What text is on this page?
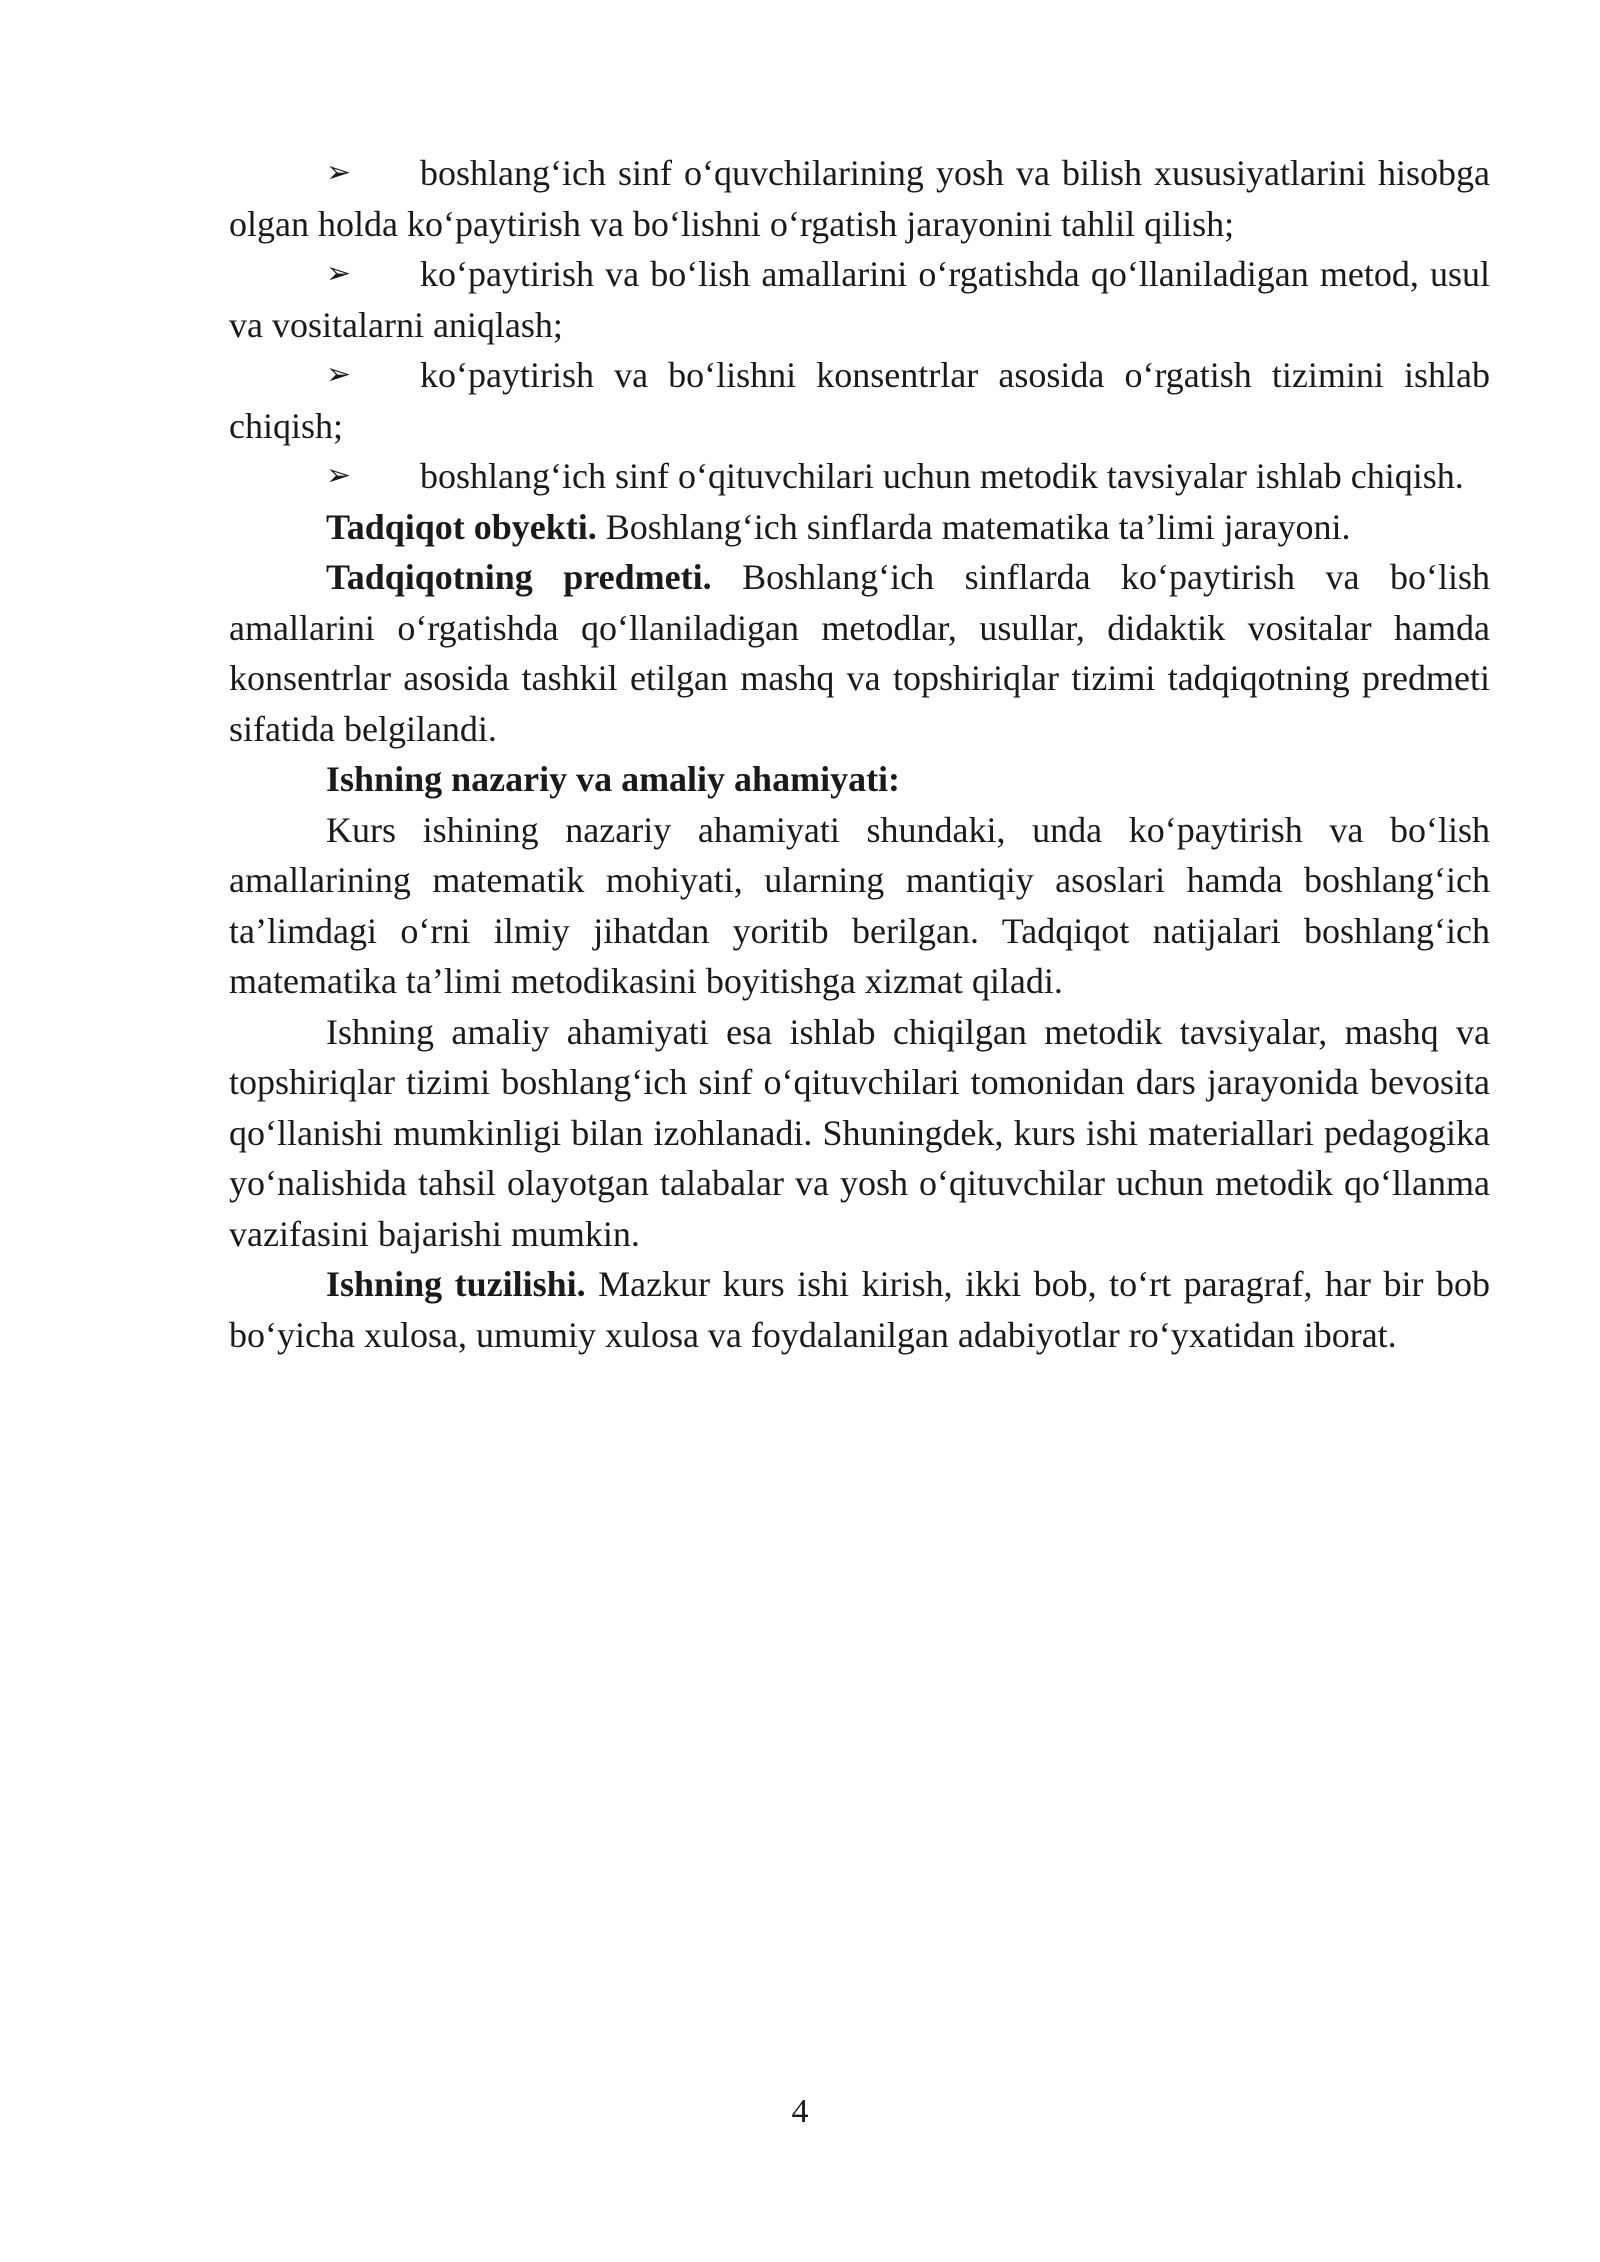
➢ boshlang‘ich sinf o‘quvchilarining yosh va bilish xususiyatlarini hisobga olgan holda ko‘paytirish va bo‘lishni o‘rgatish jarayonini tahlil qilish;

➢ ko‘paytirish va bo‘lish amallarini o‘rgatishda qo‘llaniladigan metod, usul va vositalarni aniqlash;

➢ ko‘paytirish va bo‘lishni konsentrlar asosida o‘rgatish tizimini ishlab chiqish;

➢ boshlang‘ich sinf o‘qituvchilari uchun metodik tavsiyalar ishlab chiqish.

Tadqiqot obyekti. Boshlang‘ich sinflarda matematika ta’limi jarayoni.

Tadqiqotning predmeti. Boshlang‘ich sinflarda ko‘paytirish va bo‘lish amallarini o‘rgatishda qo‘llaniladigan metodlar, usullar, didaktik vositalar hamda konsentrlar asosida tashkil etilgan mashq va topshiriqlar tizimi tadqiqotning predmeti sifatida belgilandi.

Ishning nazariy va amaliy ahamiyati:

Kurs ishining nazariy ahamiyati shundaki, unda ko‘paytirish va bo‘lish amallarining matematik mohiyati, ularning mantiqiy asoslari hamda boshlang‘ich ta’limdagi o‘rni ilmiy jihatdan yoritib berilgan. Tadqiqot natijalari boshlang‘ich matematika ta’limi metodikasini boyitishga xizmat qiladi.

Ishning amaliy ahamiyati esa ishlab chiqilgan metodik tavsiyalar, mashq va topshiriqlar tizimi boshlang‘ich sinf o‘qituvchilari tomonidan dars jarayonida bevosita qo‘llanishi mumkinligi bilan izohlanadi. Shuningdek, kurs ishi materiallari pedagogika yo‘nalishida tahsil olayotgan talabalar va yosh o‘qituvchilar uchun metodik qo‘llanma vazifasini bajarishi mumkin.

Ishning tuzilishi. Mazkur kurs ishi kirish, ikki bob, to‘rt paragraf, har bir bob bo‘yicha xulosa, umumiy xulosa va foydalanilgan adabiyotlar ro‘yxatidan iborat.

4
